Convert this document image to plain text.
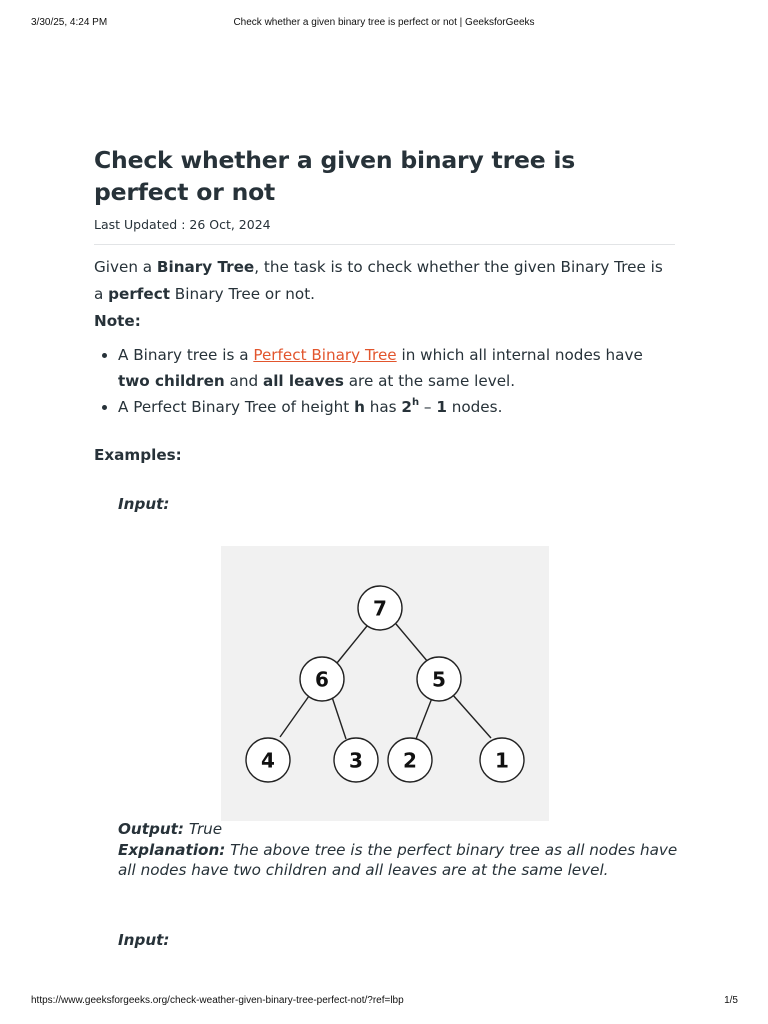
3/30/25, 4:24 PM	Check whether a given binary tree is perfect or not | GeeksforGeeks
Check whether a given binary tree is perfect or not
Last Updated : 26 Oct, 2024
Given a Binary Tree, the task is to check whether the given Binary Tree is a perfect Binary Tree or not.
Note:
• A Binary tree is a Perfect Binary Tree in which all internal nodes have two children and all leaves are at the same level.
• A Perfect Binary Tree of height h has 2$^h$ – 1 nodes.
Examples:
Input:
7
6	5
4	3 2	1
Output: True
Explanation: The above tree is the perfect binary tree as all nodes have all nodes have two children and all leaves are at the same level.
Input:
https://www.geeksforgeeks.org/check-weather-given-binary-tree-perfect-not/?ref=lbp	1/5
